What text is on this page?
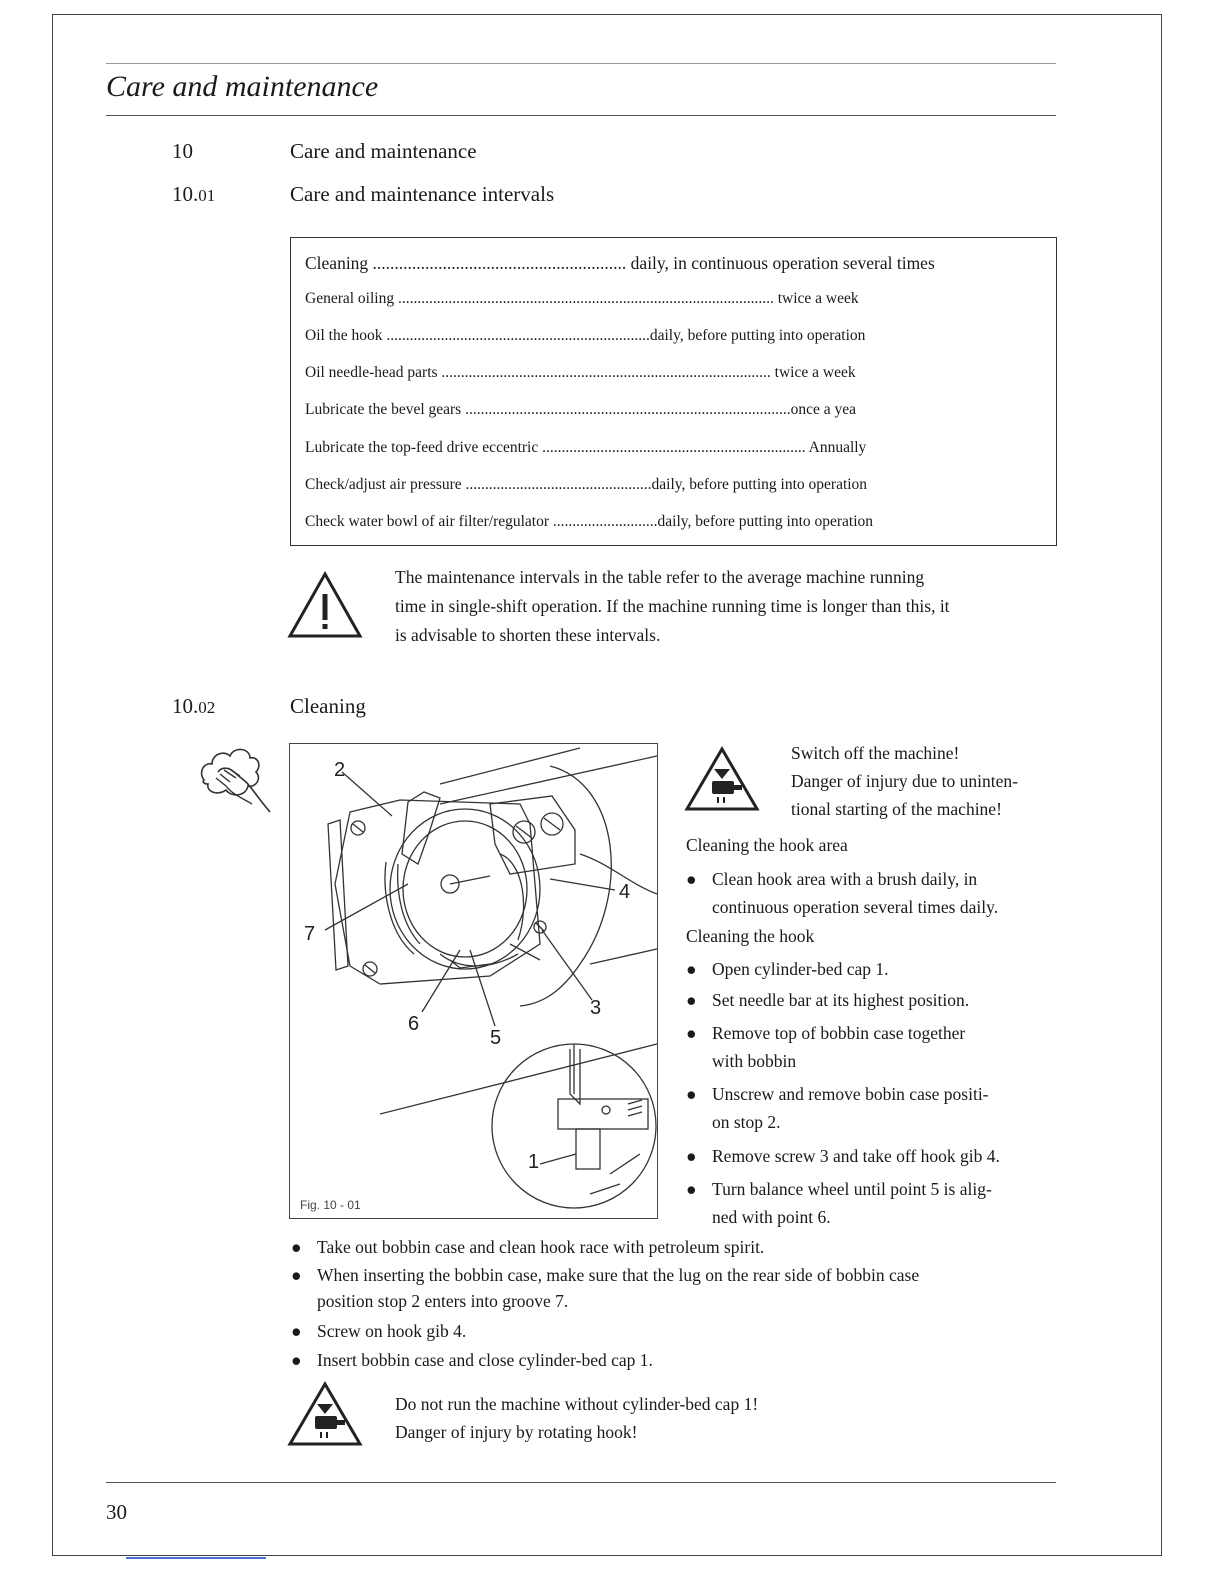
Care and maintenance
10	Care and maintenance
10.01	Care and maintenance intervals
Cleaning .......................................................... daily, in continuous operation several times
General oiling ................................................................................................. twice a week
Oil the hook ....................................................................daily, before putting into operation
Oil needle-head parts ..................................................................................... twice a week
Lubricate the bevel gears ....................................................................................once a yea
Lubricate the top-feed drive eccentric .................................................................... Annually
Check/adjust air pressure ................................................daily, before putting into operation
Check water bowl of air filter/regulator ...........................daily, before putting into operation
The maintenance intervals in the table refer to the average machine running
time in single-shift operation. If the machine running time is longer than this, it
is advisable to shorten these intervals.
10.02	Cleaning
2
4
7
3
6
5
1
Fig. 10 - 01
Switch off the machine!
Danger of injury due to uninten-
tional starting of the machine!
Cleaning the hook area
● Clean hook area with a brush daily, in
continuous operation several times daily.
Cleaning the hook
● Open cylinder-bed cap 1.
● Set needle bar at its highest position.
● Remove top of bobbin case together
with bobbin
● Unscrew and remove bobin case positi-
on stop 2.
● Remove screw 3 and take off hook gib 4.
● Turn balance wheel until point 5 is alig-
ned with point 6.
● Take out bobbin case and clean hook race with petroleum spirit.
● When inserting the bobbin case, make sure that the lug on the rear side of bobbin case
position stop 2 enters into groove 7.
● Screw on hook gib 4.
● Insert bobbin case and close cylinder-bed cap 1.
Do not run the machine without cylinder-bed cap 1!
Danger of injury by rotating hook!
30
